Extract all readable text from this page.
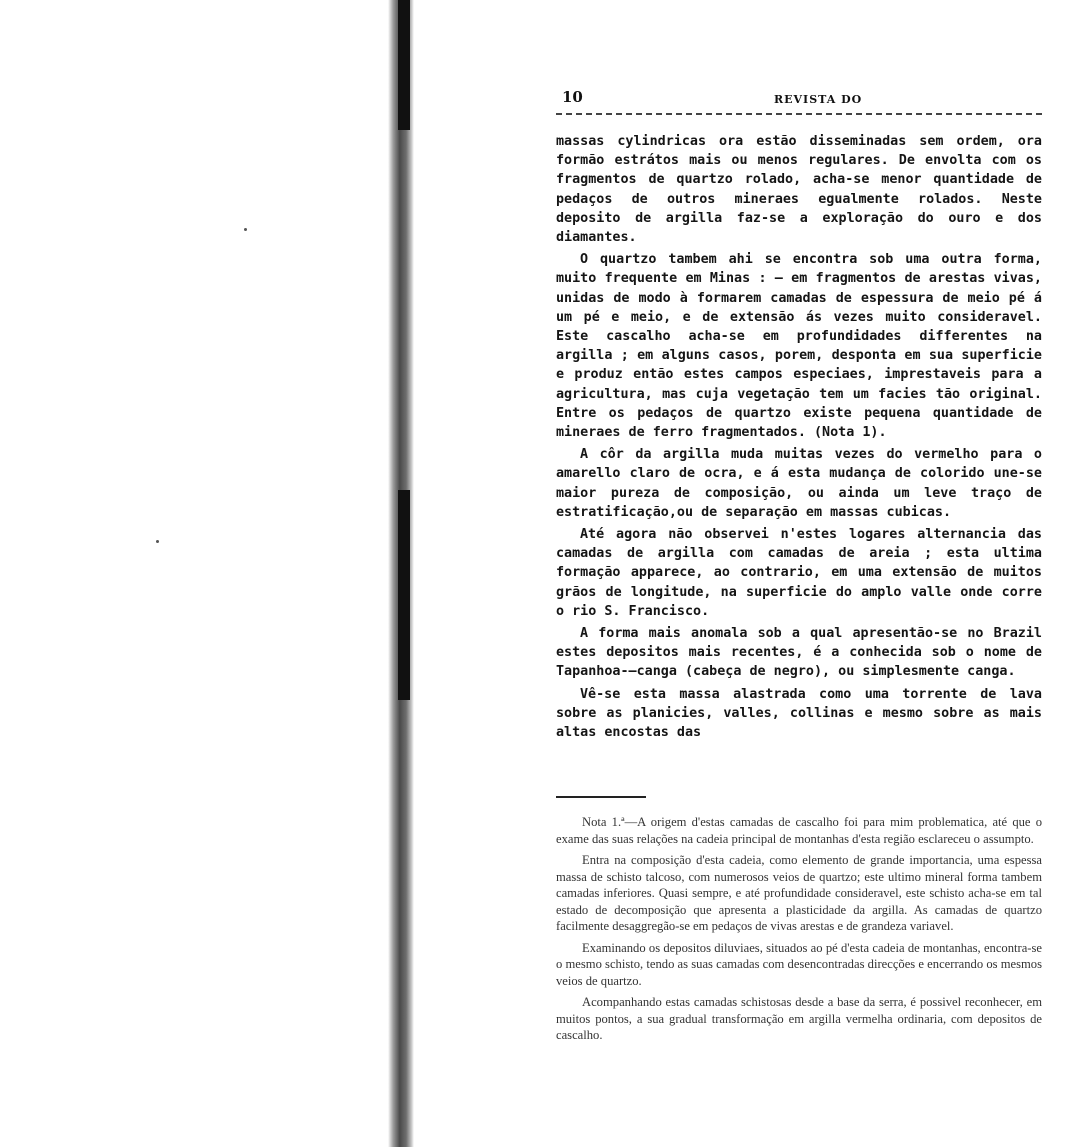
10	REVISTA DO

massas cylindricas ora estão disseminadas sem ordem, ora formão estrátos mais ou menos regulares. De envolta com os fragmentos de quartzo rolado, acha-se menor quantidade de pedaços de outros mineraes egualmente rolados. Neste deposito de argilla faz-se a exploração do ouro e dos diamantes.

O quartzo tambem ahi se encontra sob uma outra forma, muito frequente em Minas : — em fragmentos de arestas vivas, unidas de modo à formarem camadas de espessura de meio pé á um pé e meio, e de extensão ás vezes muito consideravel. Este cascalho acha-se em profundidades differentes na argilla ; em alguns casos, porem, desponta em sua superficie e produz então estes campos especiaes, imprestaveis para a agricultura, mas cuja vegetação tem um facies tão original. Entre os pedaços de quartzo existe pequena quantidade de mineraes de ferro fragmentados. (Nota 1).

A côr da argilla muda muitas vezes do vermelho para o amarello claro de ocra, e á esta mudança de colorido une-se maior pureza de composição, ou ainda um leve traço de estratificação,ou de separação em massas cubicas.

Até agora não observei n'estes logares alternancia das camadas de argilla com camadas de areia ; esta ultima formação apparece, ao contrario, em uma extensão de muitos grãos de longitude, na superficie do amplo valle onde corre o rio S. Francisco.

A forma mais anomala sob a qual apresentão-se no Brazil estes depositos mais recentes, é a conhecida sob o nome de Tapanhoa-—canga (cabeça de negro), ou simplesmente canga.

Vê-se esta massa alastrada como uma torrente de lava sobre as planicies, valles, collinas e mesmo sobre as mais altas encostas das

Nota 1.ª—A origem d'estas camadas de cascalho foi para mim problematica, até que o exame das suas relações na cadeia principal de montanhas d'esta região esclareceu o assumpto.

Entra na composição d'esta cadeia, como elemento de grande importancia, uma espessa massa de schisto talcoso, com numerosos veios de quartzo; este ultimo mineral forma tambem camadas inferiores. Quasi sempre, e até profundidade consideravel, este schisto acha-se em tal estado de decomposição que apresenta a plasticidade da argilla. As camadas de quartzo facilmente desaggregão-se em pedaços de vivas arestas e de grandeza variavel.

Examinando os depositos diluviaes, situados ao pé d'esta cadeia de montanhas, encontra-se o mesmo schisto, tendo as suas camadas com desencontradas direcções e encerrando os mesmos veios de quartzo.

Acompanhando estas camadas schistosas desde a base da serra, é possivel reconhecer, em muitos pontos, a sua gradual transformação em argilla vermelha ordinaria, com depositos de cascalho.
